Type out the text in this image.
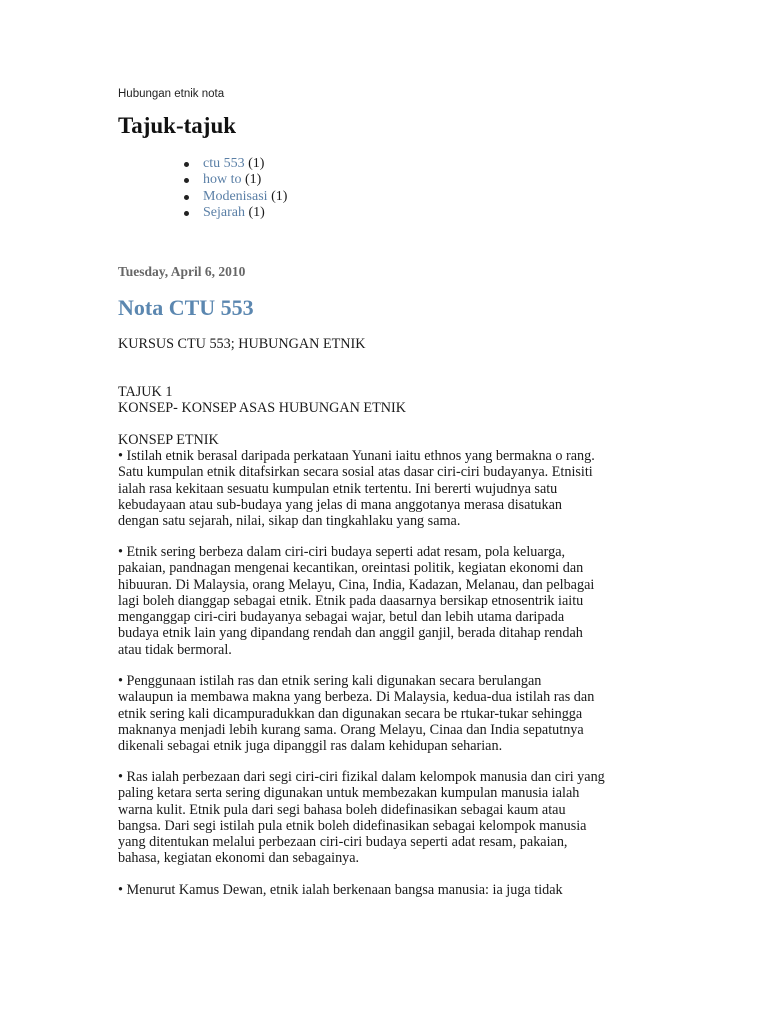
Hubungan etnik nota
Tajuk-tajuk
ctu 553 (1)
how to (1)
Modenisasi (1)
Sejarah (1)
Tuesday, April 6, 2010
Nota CTU 553
KURSUS CTU 553; HUBUNGAN ETNIK
TAJUK 1
KONSEP- KONSEP ASAS HUBUNGAN ETNIK
KONSEP ETNIK
• Istilah etnik berasal daripada perkataan Yunani iaitu ethnos yang bermakna o rang.
Satu kumpulan etnik ditafsirkan secara sosial atas dasar ciri-ciri budayanya. Etnisiti
ialah rasa kekitaan sesuatu kumpulan etnik tertentu. Ini bererti wujudnya satu
kebudayaan atau sub-budaya yang jelas di mana anggotanya merasa disatukan
dengan satu sejarah, nilai, sikap dan tingkahlaku yang sama.
• Etnik sering berbeza dalam ciri-ciri budaya seperti adat resam, pola keluarga,
pakaian, pandnagan mengenai kecantikan, oreintasi politik, kegiatan ekonomi dan
hibuuran. Di Malaysia, orang Melayu, Cina, India, Kadazan, Melanau, dan pelbagai
lagi boleh dianggap sebagai etnik. Etnik pada daasarnya bersikap etnosentrik iaitu
menganggap ciri-ciri budayanya sebagai wajar, betul dan lebih utama daripada
budaya etnik lain yang dipandang rendah dan anggil ganjil, berada ditahap rendah
atau tidak bermoral.
• Penggunaan istilah ras dan etnik sering kali digunakan secara berulangan
walaupun ia membawa makna yang berbeza. Di Malaysia, kedua-dua istilah ras dan
etnik sering kali dicampuradukkan dan digunakan secara be rtukar-tukar sehingga
maknanya menjadi lebih kurang sama. Orang Melayu, Cinaa dan India sepatutnya
dikenali sebagai etnik juga dipanggil ras dalam kehidupan seharian.
• Ras ialah perbezaan dari segi ciri-ciri fizikal dalam kelompok manusia dan ciri yang
paling ketara serta sering digunakan untuk membezakan kumpulan manusia ialah
warna kulit. Etnik pula dari segi bahasa boleh didefinasikan sebagai kaum atau
bangsa. Dari segi istilah pula etnik boleh didefinasikan sebagai kelompok manusia
yang ditentukan melalui perbezaan ciri-ciri budaya seperti adat resam, pakaian,
bahasa, kegiatan ekonomi dan sebagainya.
• Menurut Kamus Dewan, etnik ialah berkenaan bangsa manusia: ia juga tidak
